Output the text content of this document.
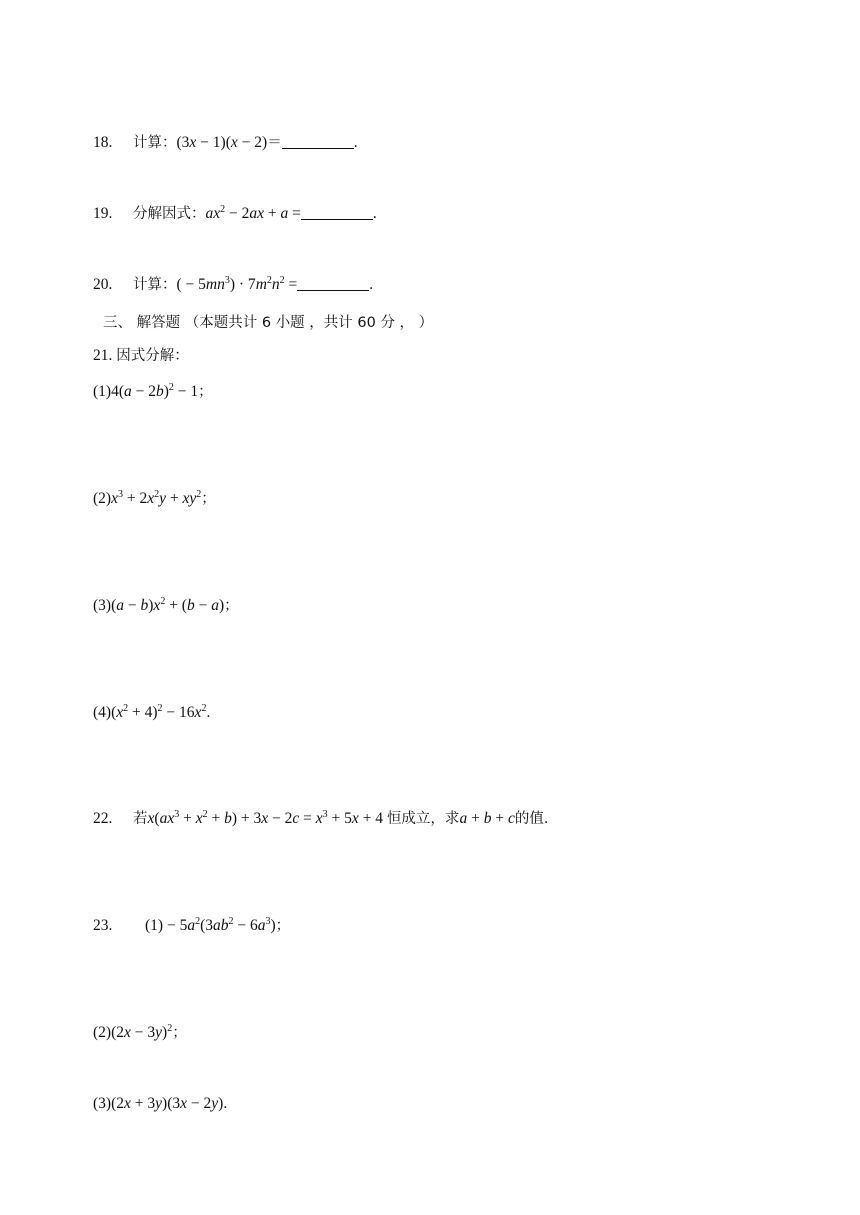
18. 计算：(3x − 1)(x − 2)＝	.
19. 分解因式：$ax^2 - 2ax + a$ =	.
20. 计算：( − $5mn^3) \cdot 7m^2n^2$ =	.
三、 解答题 （本题共计 6 小题 ，共计 60 分 ， ）
21. 因式分解：
$(1)4(a - 2b)^2 - 1$；
$(2)x^3 + 2x^2y + xy^2$；
$(3)(a - b)x^2 + (b - a)$；
$(4)(x^2 + 4)^2 - 16x^2$.
22. 若$x(ax^3 + x^2 + b) + 3x - 2c = x^3 + 5x + 4$ 恒成立，求a + b + c的值.
23. $(1) - 5a^2(3ab^2 - 6a^3)$；
$(2)(2x - 3y)^2$；
(3)(2x + 3y)(3x − 2y).
